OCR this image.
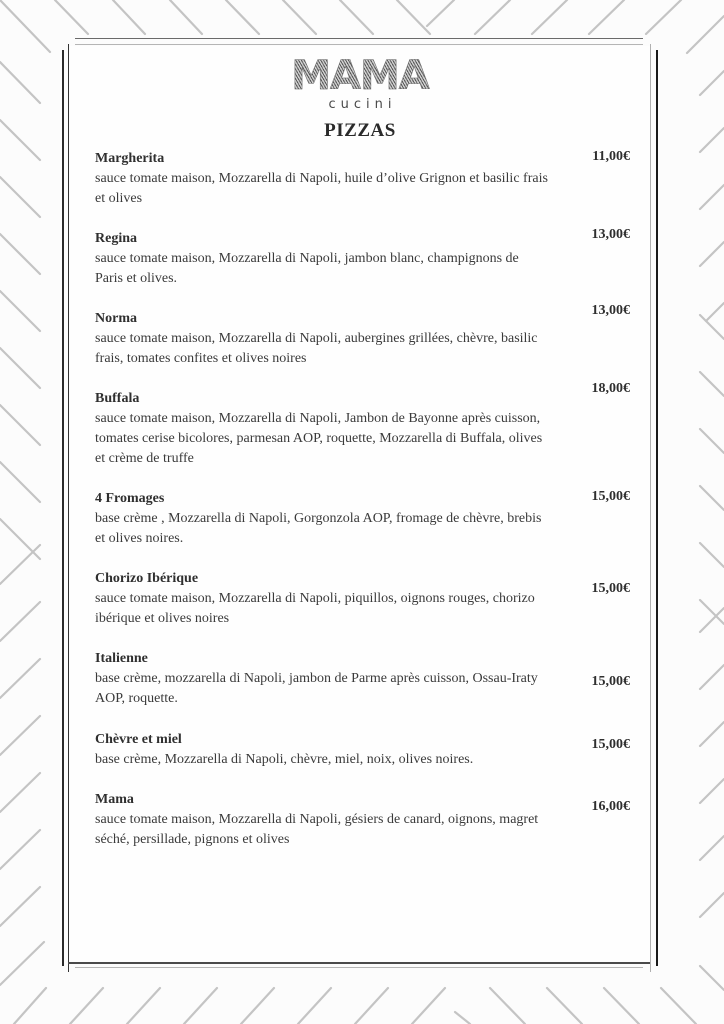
MAMA
cucini
PIZZAS
Margherita
sauce tomate maison, Mozzarella di Napoli, huile d’olive Grignon et basilic frais et olives
11,00€
Regina
sauce tomate maison, Mozzarella di Napoli, jambon blanc, champignons de Paris et olives.
13,00€
Norma
sauce tomate maison, Mozzarella di Napoli, aubergines grillées, chèvre, basilic frais, tomates confites et olives noires
13,00€
Buffala
sauce tomate maison, Mozzarella di Napoli, Jambon de Bayonne après cuisson, tomates cerise bicolores, parmesan AOP, roquette, Mozzarella di Buffala, olives et crème de truffe
18,00€
4 Fromages
base crème , Mozzarella di Napoli, Gorgonzola AOP, fromage de chèvre, brebis et olives noires.
15,00€
Chorizo Ibérique
sauce tomate maison, Mozzarella di Napoli, piquillos, oignons rouges, chorizo ibérique et olives noires
15,00€
Italienne
base crème, mozzarella di Napoli, jambon de Parme après cuisson, Ossau-Iraty AOP, roquette.
15,00€
Chèvre et miel
base crème, Mozzarella di Napoli, chèvre, miel, noix, olives noires.
15,00€
Mama
sauce tomate maison, Mozzarella di Napoli, gésiers de canard, oignons, magret séché, persillade, pignons et olives
16,00€
